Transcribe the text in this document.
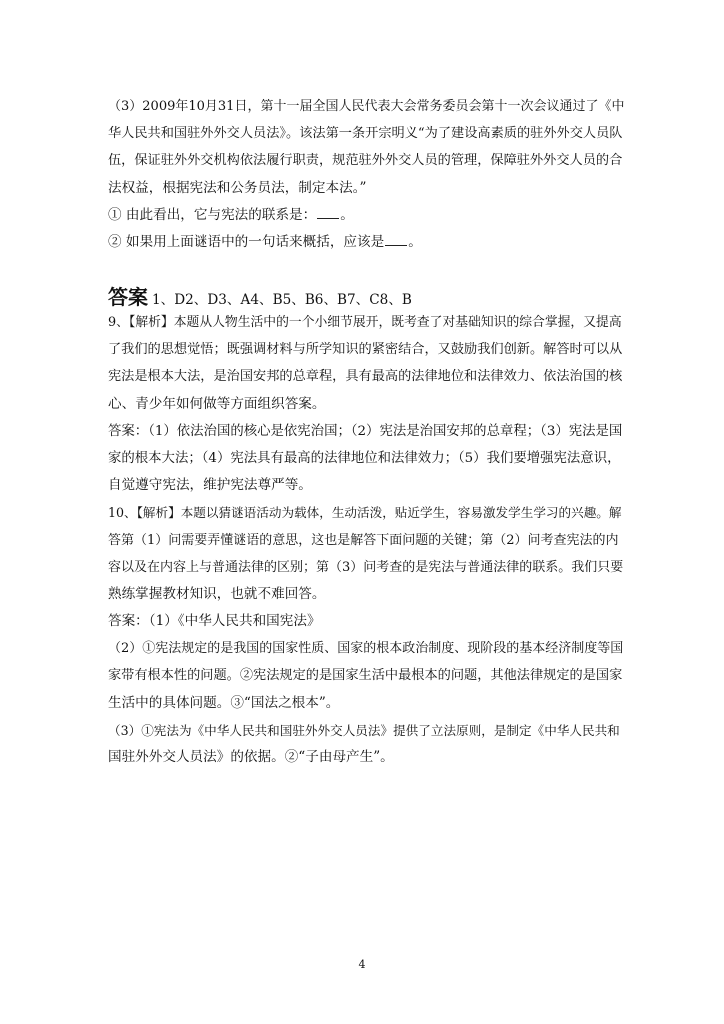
（3）2009年10月31日，第十一届全国人民代表大会常务委员会第十一次会议通过了《中
华人民共和国驻外外交人员法》。该法第一条开宗明义“为了建设高素质的驻外外交人员队
伍，保证驻外外交机构依法履行职责，规范驻外外交人员的管理，保障驻外外交人员的合
法权益，根据宪法和公务员法，制定本法。”
① 由此看出，它与宪法的联系是： 。
② 如果用上面谜语中的一句话来概括，应该是 。
答案 1、D2、D3、A4、B5、B6、B7、C8、B
9、【解析】本题从人物生活中的一个小细节展开，既考查了对基础知识的综合掌握，又提高
了我们的思想觉悟；既强调材料与所学知识的紧密结合，又鼓励我们创新。解答时可以从
宪法是根本大法，是治国安邦的总章程，具有最高的法律地位和法律效力、依法治国的核
心、青少年如何做等方面组织答案。
答案：（1）依法治国的核心是依宪治国；（2）宪法是治国安邦的总章程；（3）宪法是国
家的根本大法；（4）宪法具有最高的法律地位和法律效力；（5）我们要增强宪法意识，
自觉遵守宪法，维护宪法尊严等。
10、【解析】本题以猜谜语活动为载体，生动活泼，贴近学生，容易激发学生学习的兴趣。解
答第（1）问需要弄懂谜语的意思，这也是解答下面问题的关键；第（2）问考查宪法的内
容以及在内容上与普通法律的区别；第（3）问考查的是宪法与普通法律的联系。我们只要
熟练掌握教材知识，也就不难回答。
答案：（1）《中华人民共和国宪法》
（2）①宪法规定的是我国的国家性质、国家的根本政治制度、现阶段的基本经济制度等国
家带有根本性的问题。②宪法规定的是国家生活中最根本的问题，其他法律规定的是国家
生活中的具体问题。③“国法之根本”。
（3）①宪法为《中华人民共和国驻外外交人员法》提供了立法原则，是制定《中华人民共和
国驻外外交人员法》的依据。②“子由母产生”。
4
